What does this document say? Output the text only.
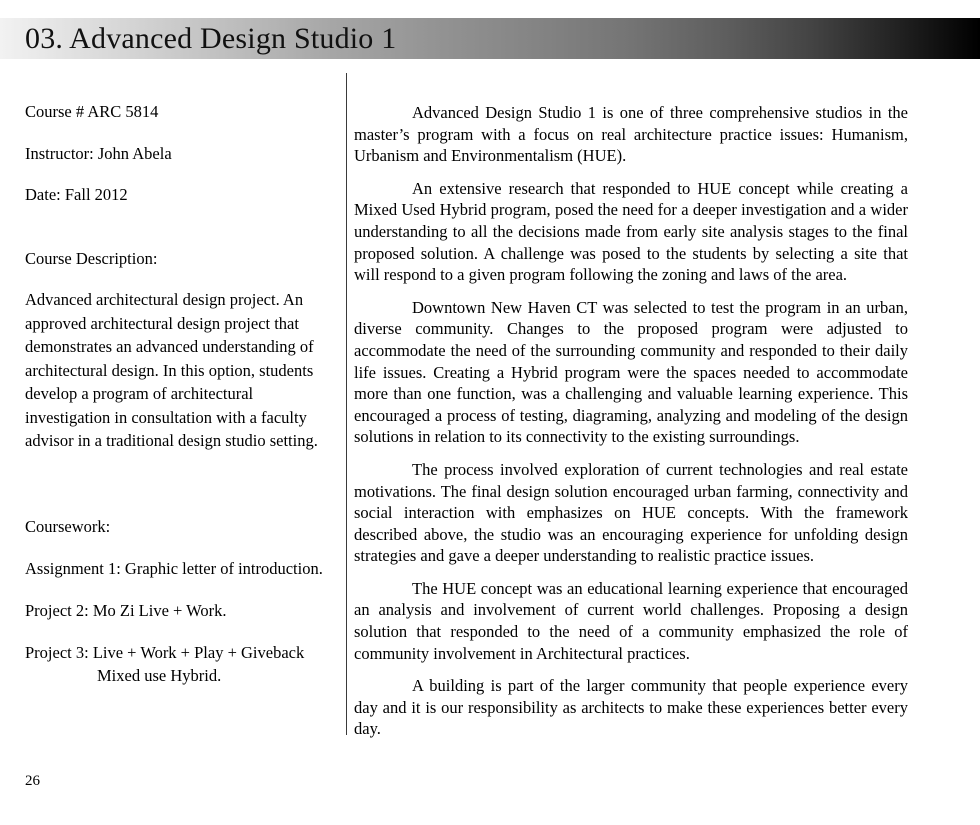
03. Advanced Design Studio 1

Course # ARC 5814

Instructor: John Abela

Date: Fall 2012

Course Description:

Advanced architectural design project. An approved architectural design project that demonstrates an advanced understanding of architectural design. In this option, students develop a program of architectural investigation in consultation with a faculty advisor in a traditional design studio setting.

Coursework:

Assignment 1: Graphic letter of introduction.

Project 2: Mo Zi Live + Work.

Project 3: Live + Work + Play + Giveback

Mixed use Hybrid.

Advanced Design Studio 1 is one of three comprehensive studios in the master’s program with a focus on real architecture practice issues: Humanism, Urbanism and Environmentalism (HUE).

An extensive research that responded to HUE concept while creating a Mixed Used Hybrid program, posed the need for a deeper investigation and a wider understanding to all the decisions made from early site analysis stages to the final proposed solution. A challenge was posed to the students by selecting a site that will respond to a given program following the zoning and laws of the area.

Downtown New Haven CT was selected to test the program in an urban, diverse community. Changes to the proposed program were adjusted to accommodate the need of the surrounding community and responded to their daily life issues. Creating a Hybrid program were the spaces needed to accommodate more than one function, was a challenging and valuable learning experience. This encouraged a process of testing, diagraming, analyzing and modeling of the design solutions in relation to its connectivity to the existing surroundings.

The process involved exploration of current technologies and real estate motivations. The final design solution encouraged urban farming, connectivity and social interaction with emphasizes on HUE concepts. With the framework described above, the studio was an encouraging experience for unfolding design strategies and gave a deeper understanding to realistic practice issues.

The HUE concept was an educational learning experience that encouraged an analysis and involvement of current world challenges. Proposing a design solution that responded to the need of a community emphasized the role of community involvement in Architectural practices.

A building is part of the larger community that people experience every day and it is our responsibility as architects to make these experiences better every day.

26
